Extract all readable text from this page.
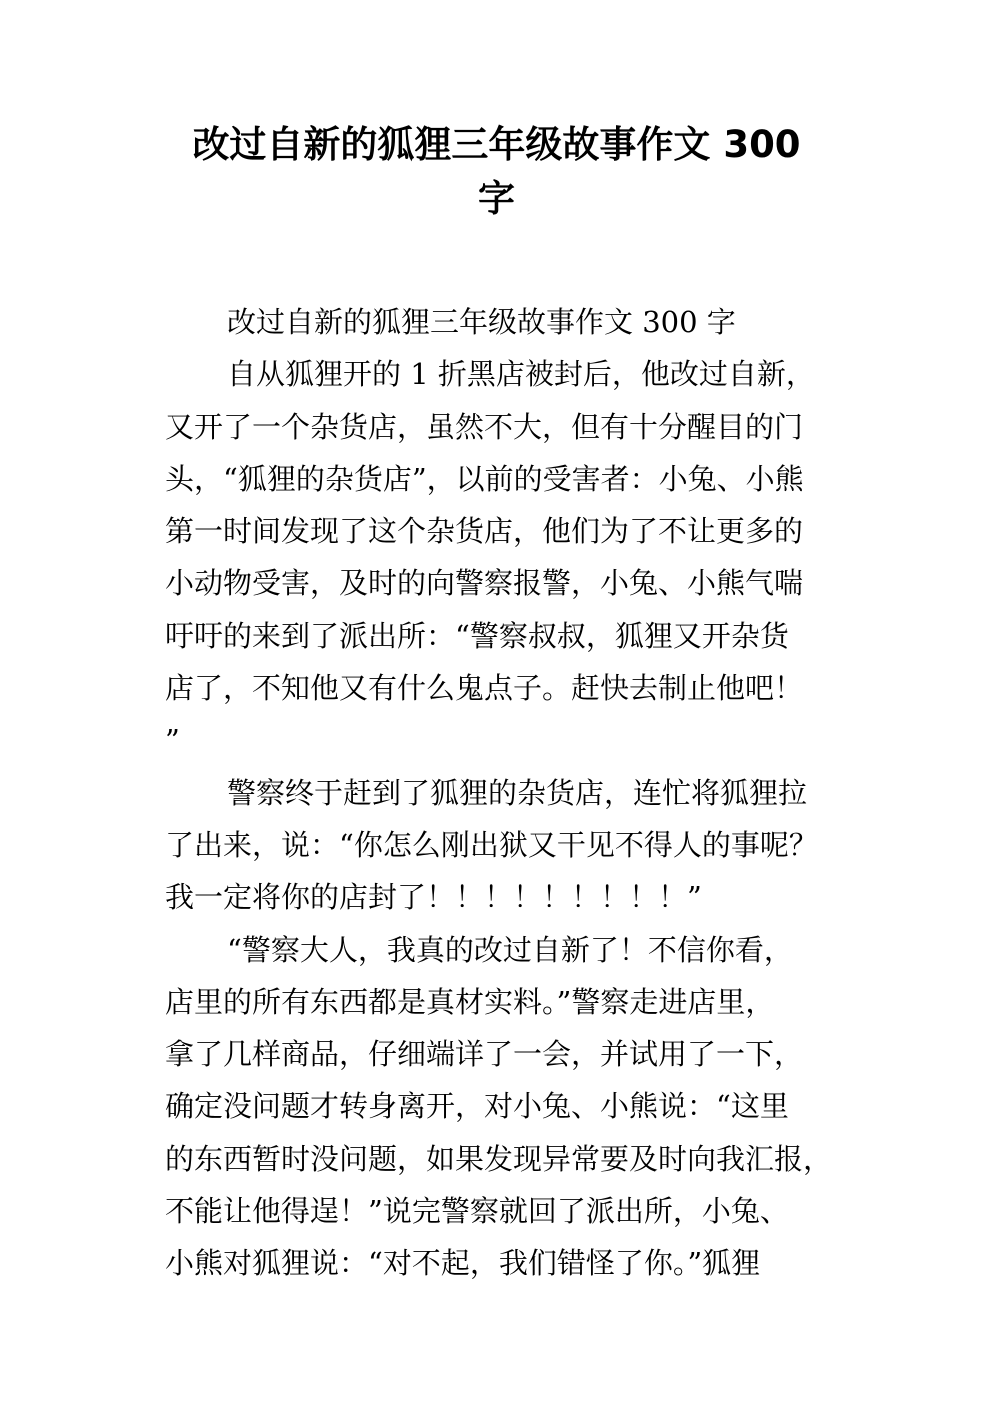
改过自新的狐狸三年级故事作文 300
字
改过自新的狐狸三年级故事作文 300 字
自从狐狸开的 1 折黑店被封后，他改过自新，
又开了一个杂货店，虽然不大，但有十分醒目的门
头，“狐狸的杂货店”，以前的受害者：小兔、小熊
第一时间发现了这个杂货店，他们为了不让更多的
小动物受害，及时的向警察报警，小兔、小熊气喘
吁吁的来到了派出所：“警察叔叔，狐狸又开杂货
店了，不知他又有什么鬼点子。赶快去制止他吧！
”
警察终于赶到了狐狸的杂货店，连忙将狐狸拉
了出来，说：“你怎么刚出狱又干见不得人的事呢？
我一定将你的店封了！！！！！！！！！”
“警察大人，我真的改过自新了！不信你看，
店里的所有东西都是真材实料。”警察走进店里，
拿了几样商品，仔细端详了一会，并试用了一下，
确定没问题才转身离开，对小兔、小熊说：“这里
的东西暂时没问题，如果发现异常要及时向我汇报，
不能让他得逞！”说完警察就回了派出所，小兔、
小熊对狐狸说：“对不起，我们错怪了你。”狐狸
